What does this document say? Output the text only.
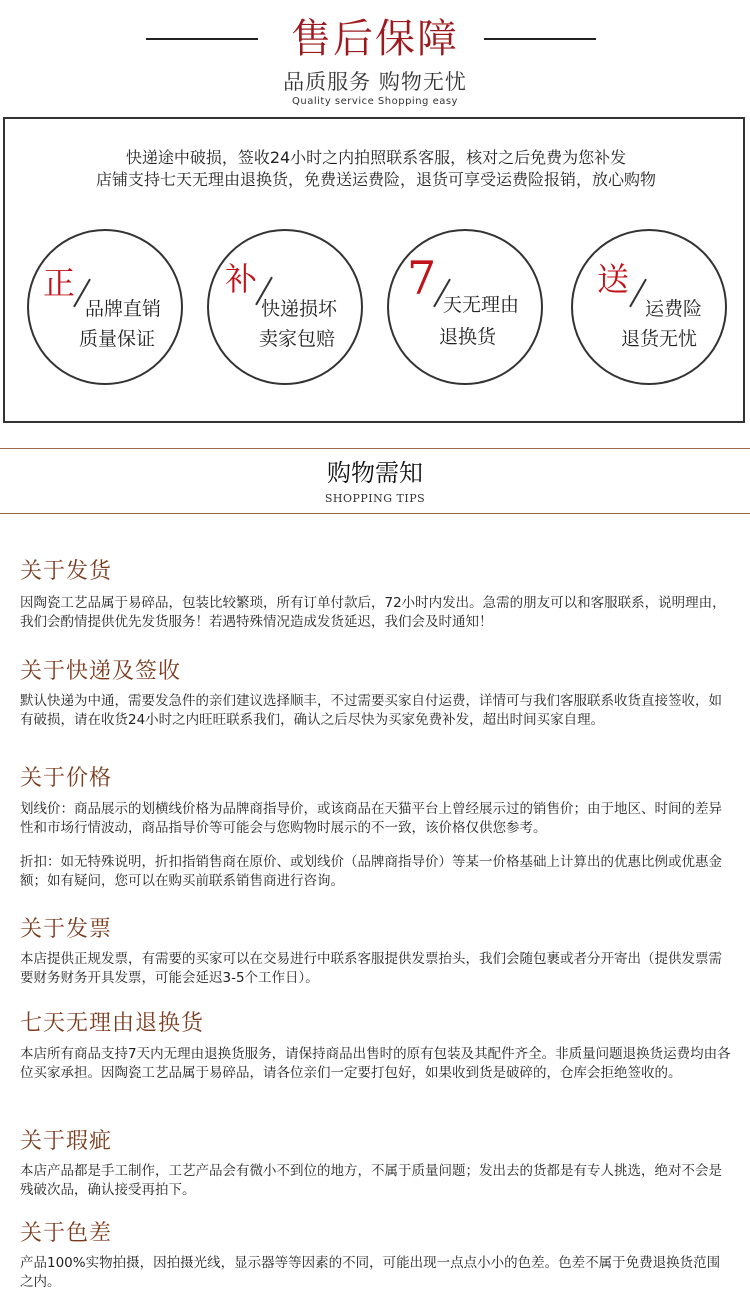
售后保障
品质服务 购物无忧
Quality service Shopping easy
快递途中破损，签收24小时之内拍照联系客服，核对之后免费为您补发
店铺支持七天无理由退换货，免费送运费险，退货可享受运费险报销，放心购物
正
品牌直销
质量保证
补
快递损坏
卖家包赔
7 天无理由
退换货
送
运费险
退货无忧
购物需知
SHOPPING TIPS
关于发货

因陶瓷工艺品属于易碎品，包装比较繁琐，所有订单付款后，72小时内发出。急需的朋友可以和客服联系，说明理由，我们会酌情提供优先发货服务！若遇特殊情况造成发货延迟，我们会及时通知！

关于快递及签收

默认快递为中通，需要发急件的亲们建议选择顺丰，不过需要买家自付运费，详情可与我们客服联系收货直接签收，如有破损，请在收货24小时之内旺旺联系我们，确认之后尽快为买家免费补发，超出时间买家自理。

关于价格

划线价：商品展示的划横线价格为品牌商指导价，或该商品在天猫平台上曾经展示过的销售价；由于地区、时间的差异性和市场行情波动，商品指导价等可能会与您购物时展示的不一致，该价格仅供您参考。

折扣：如无特殊说明，折扣指销售商在原价、或划线价（品牌商指导价）等某一价格基础上计算出的优惠比例或优惠金额；如有疑问，您可以在购买前联系销售商进行咨询。

关于发票

本店提供正规发票，有需要的买家可以在交易进行中联系客服提供发票抬头，我们会随包裹或者分开寄出（提供发票需要财务财务开具发票，可能会延迟3-5个工作日）。

七天无理由退换货

本店所有商品支持7天内无理由退换货服务，请保持商品出售时的原有包装及其配件齐全。非质量问题退换货运费均由各位买家承担。因陶瓷工艺品属于易碎品，请各位亲们一定要打包好，如果收到货是破碎的，仓库会拒绝签收的。

关于瑕疵

本店产品都是手工制作，工艺产品会有微小不到位的地方，不属于质量问题；发出去的货都是有专人挑选，绝对不会是残破次品，确认接受再拍下。

关于色差

产品100%实物拍摄，因拍摄光线，显示器等等因素的不同，可能出现一点点小小的色差。色差不属于免费退换货范围之内。
